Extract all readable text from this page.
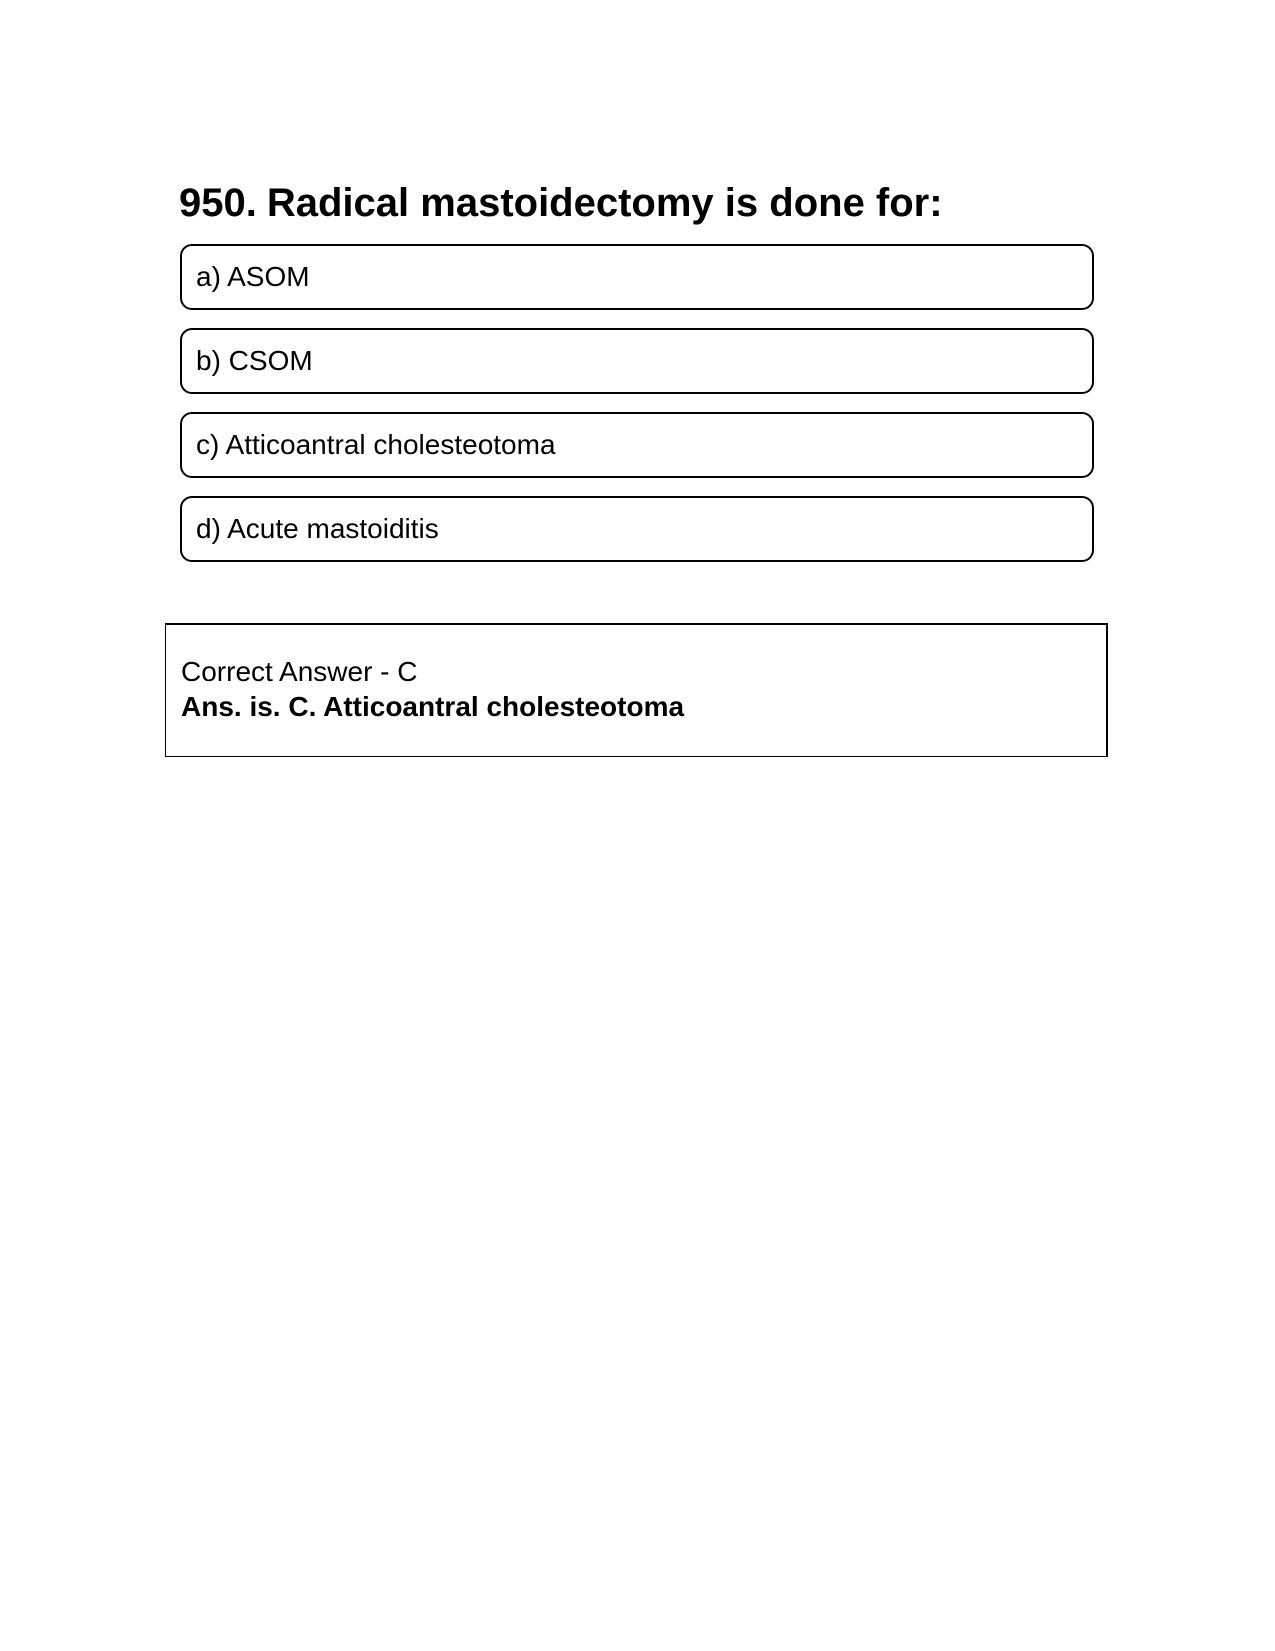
950. Radical mastoidectomy is done for:
a) ASOM
b) CSOM
c) Atticoantral cholesteotoma
d) Acute mastoiditis
Correct Answer - C
Ans. is. C. Atticoantral cholesteotoma
